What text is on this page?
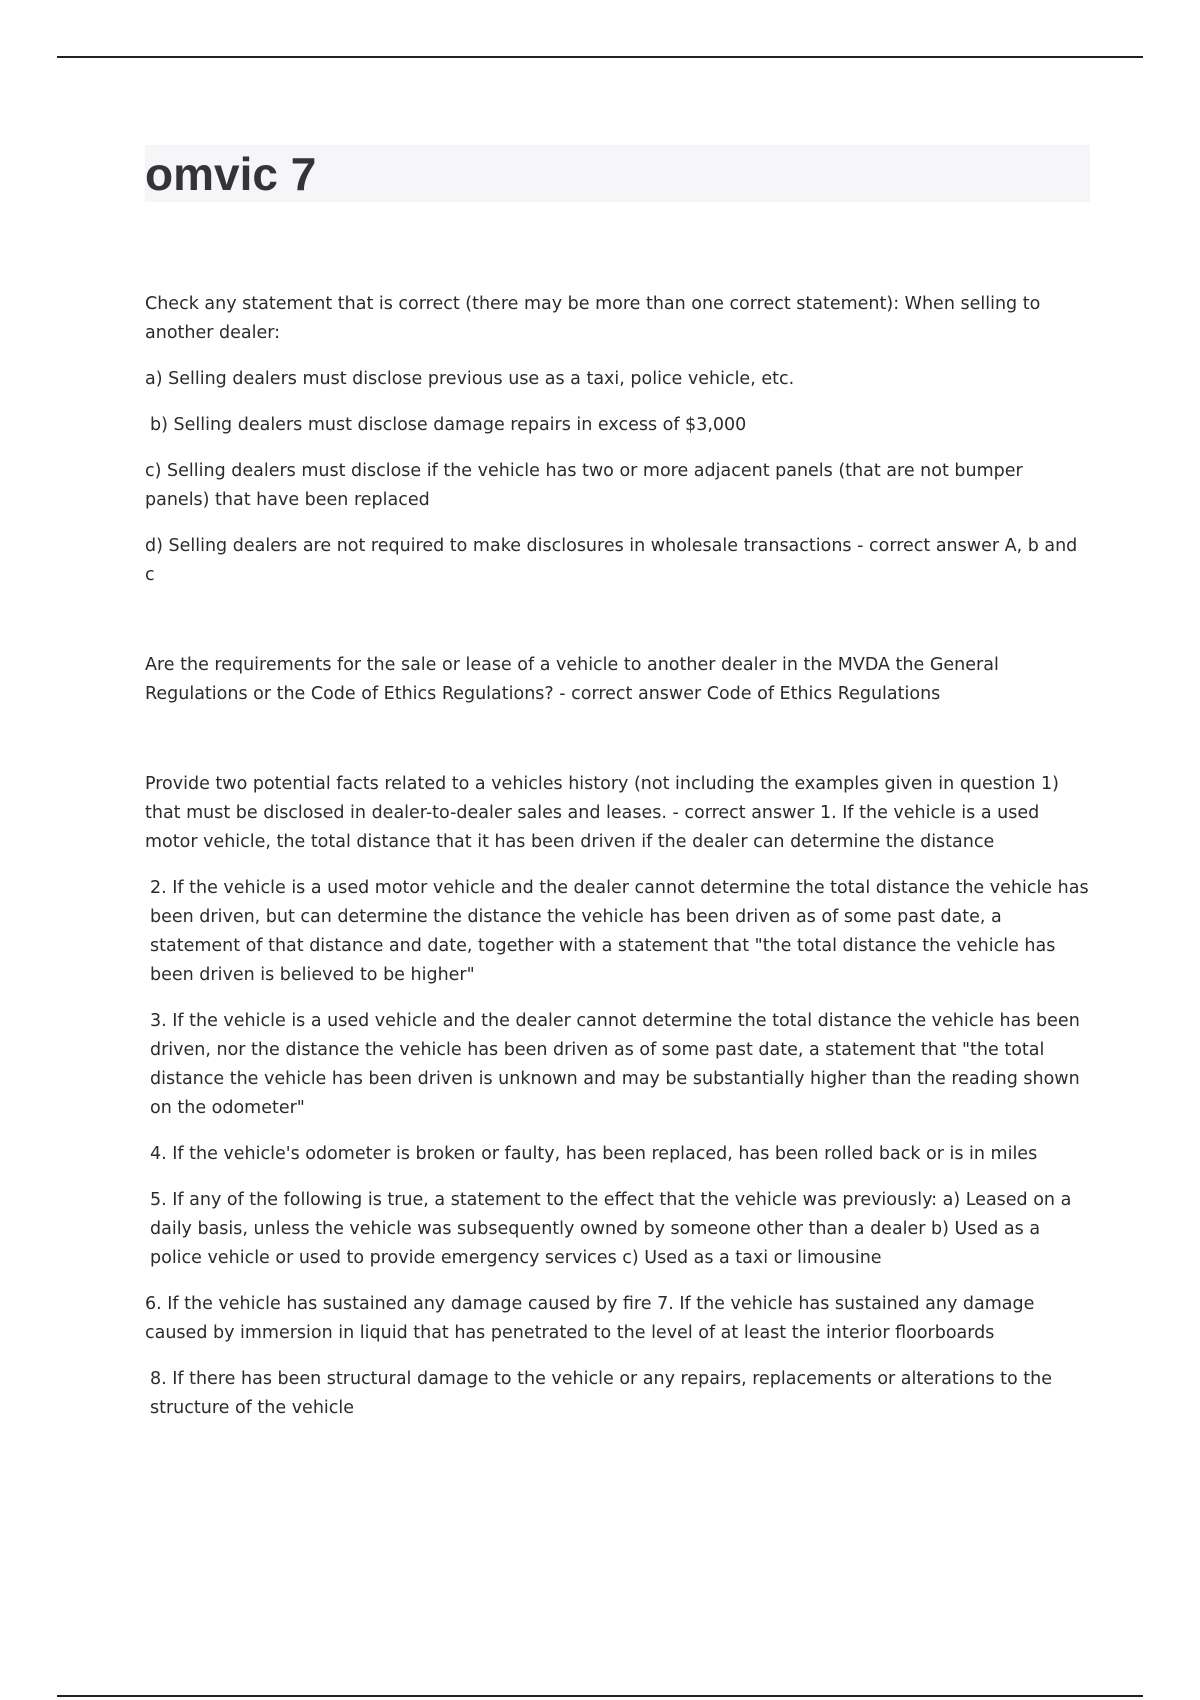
omvic 7

Check any statement that is correct (there may be more than one correct statement): When selling to another dealer:

a) Selling dealers must disclose previous use as a taxi, police vehicle, etc.

b) Selling dealers must disclose damage repairs in excess of $3,000

c) Selling dealers must disclose if the vehicle has two or more adjacent panels (that are not bumper panels) that have been replaced

d) Selling dealers are not required to make disclosures in wholesale transactions - correct answer A, b and c

Are the requirements for the sale or lease of a vehicle to another dealer in the MVDA the General Regulations or the Code of Ethics Regulations? - correct answer Code of Ethics Regulations

Provide two potential facts related to a vehicles history (not including the examples given in question 1) that must be disclosed in dealer-to-dealer sales and leases. - correct answer 1. If the vehicle is a used motor vehicle, the total distance that it has been driven if the dealer can determine the distance

2. If the vehicle is a used motor vehicle and the dealer cannot determine the total distance the vehicle has been driven, but can determine the distance the vehicle has been driven as of some past date, a statement of that distance and date, together with a statement that "the total distance the vehicle has been driven is believed to be higher"

3. If the vehicle is a used vehicle and the dealer cannot determine the total distance the vehicle has been driven, nor the distance the vehicle has been driven as of some past date, a statement that "the total distance the vehicle has been driven is unknown and may be substantially higher than the reading shown on the odometer"

4. If the vehicle's odometer is broken or faulty, has been replaced, has been rolled back or is in miles

5. If any of the following is true, a statement to the effect that the vehicle was previously: a) Leased on a daily basis, unless the vehicle was subsequently owned by someone other than a dealer b) Used as a police vehicle or used to provide emergency services c) Used as a taxi or limousine

6. If the vehicle has sustained any damage caused by fire 7. If the vehicle has sustained any damage caused by immersion in liquid that has penetrated to the level of at least the interior floorboards

8. If there has been structural damage to the vehicle or any repairs, replacements or alterations to the structure of the vehicle
